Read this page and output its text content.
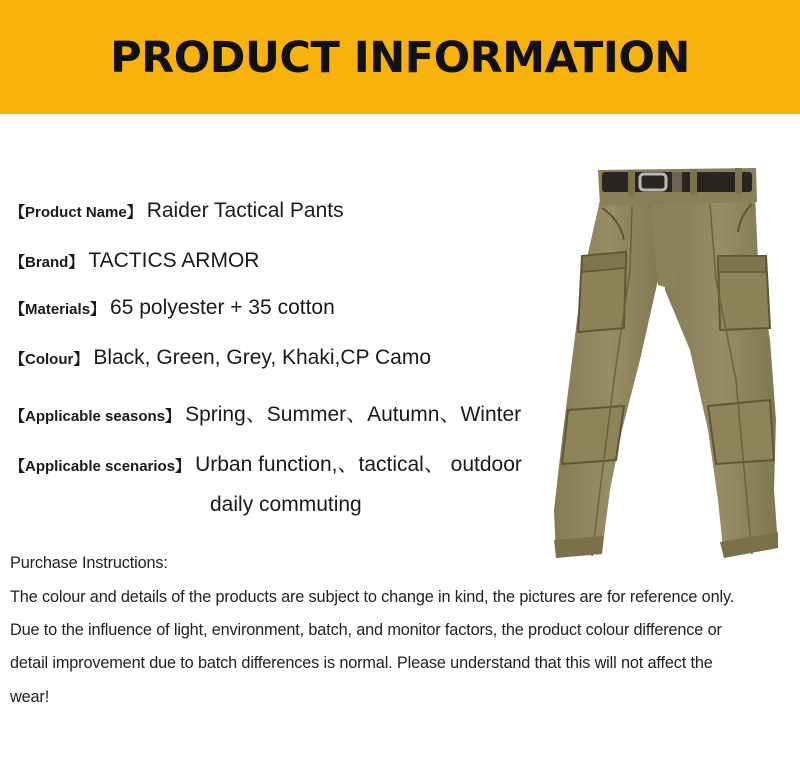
PRODUCT INFORMATION
【Product Name】 Raider Tactical Pants
【Brand】 TACTICS ARMOR
【Materials】 65 polyester + 35 cotton
【Colour】 Black, Green, Grey, Khaki,CP Camo
【Applicable seasons】 Spring、Summer、Autumn、Winter
【Applicable scenarios】 Urban function,、tactical、 outdoor
daily commuting
Purchase Instructions:
The colour and details of the products are subject to change in kind, the pictures are for reference only.
Due to the influence of light, environment, batch, and monitor factors, the product colour difference or
detail improvement due to batch differences is normal. Please understand that this will not affect the
wear!
